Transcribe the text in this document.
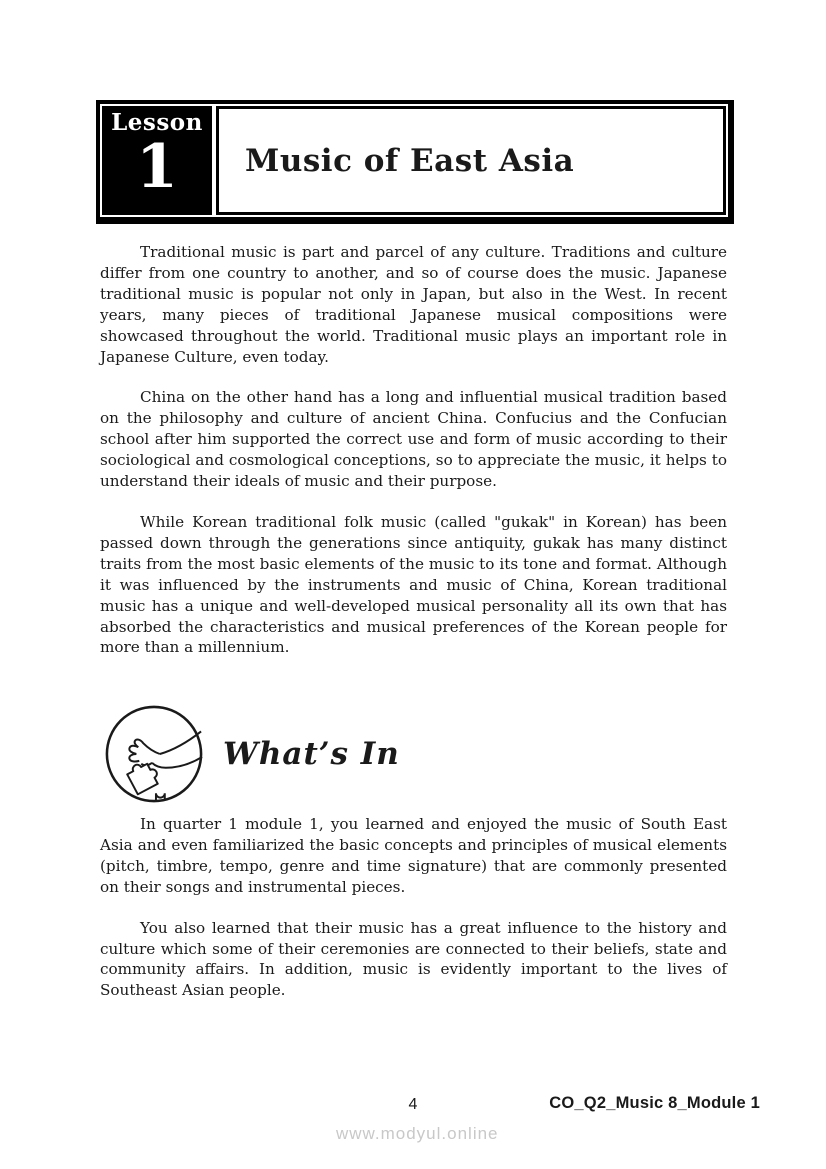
Lesson
1 Music of East Asia

Traditional music is part and parcel of any culture. Traditions and culture differ from one country to another, and so of course does the music. Japanese traditional music is popular not only in Japan, but also in the West. In recent years, many pieces of traditional Japanese musical compositions were showcased throughout the world. Traditional music plays an important role in Japanese Culture, even today.

China on the other hand has a long and influential musical tradition based on the philosophy and culture of ancient China. Confucius and the Confucian school after him supported the correct use and form of music according to their sociological and cosmological conceptions, so to appreciate the music, it helps to understand their ideals of music and their purpose.

While Korean traditional folk music (called "gukak" in Korean) has been passed down through the generations since antiquity, gukak has many distinct traits from the most basic elements of the music to its tone and format. Although it was influenced by the instruments and music of China, Korean traditional music has a unique and well-developed musical personality all its own that has absorbed the characteristics and musical preferences of the Korean people for more than a millennium.

What’s In

In quarter 1 module 1, you learned and enjoyed the music of South East Asia and even familiarized the basic concepts and principles of musical elements (pitch, timbre, tempo, genre and time signature) that are commonly presented on their songs and instrumental pieces.

You also learned that their music has a great influence to the history and culture which some of their ceremonies are connected to their beliefs, state and community affairs. In addition, music is evidently important to the lives of Southeast Asian people.

4	CO_Q2_Music 8_Module 1
www.modyul.online
